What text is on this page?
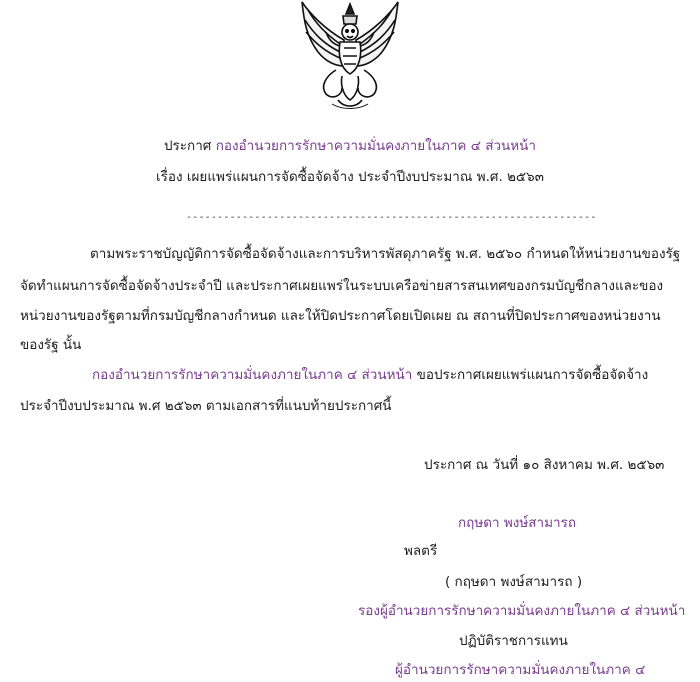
ประกาศ กองอำนวยการรักษาความมั่นคงภายในภาค ๔ ส่วนหน้า
เรื่อง เผยแพร่แผนการจัดซื้อจัดจ้าง ประจำปีงบประมาณ พ.ศ. ๒๕๖๓
------------------------------------------------------------------
ตามพระราชบัญญัติการจัดซื้อจัดจ้างและการบริหารพัสดุภาครัฐ พ.ศ. ๒๕๖๐ กำหนดให้หน่วยงานของรัฐ
จัดทำแผนการจัดซื้อจัดจ้างประจำปี และประกาศเผยแพร่ในระบบเครือข่ายสารสนเทศของกรมบัญชีกลางและของ
หน่วยงานของรัฐตามที่กรมบัญชีกลางกำหนด และให้ปิดประกาศโดยเปิดเผย ณ สถานที่ปิดประกาศของหน่วยงาน
ของรัฐ นั้น
กองอำนวยการรักษาความมั่นคงภายในภาค ๔ ส่วนหน้า ขอประกาศเผยแพร่แผนการจัดซื้อจัดจ้าง
ประจำปีงบประมาณ พ.ศ ๒๕๖๓ ตามเอกสารที่แนบท้ายประกาศนี้
ประกาศ ณ วันที่ ๑๐ สิงหาคม พ.ศ. ๒๕๖๓
กฤษดา พงษ์สามารถ
พลตรี
( กฤษดา พงษ์สามารถ )
รองผู้อำนวยการรักษาความมั่นคงภายในภาค ๔ ส่วนหน้า
ปฏิบัติราชการแทน
ผู้อำนวยการรักษาความมั่นคงภายในภาค ๔
